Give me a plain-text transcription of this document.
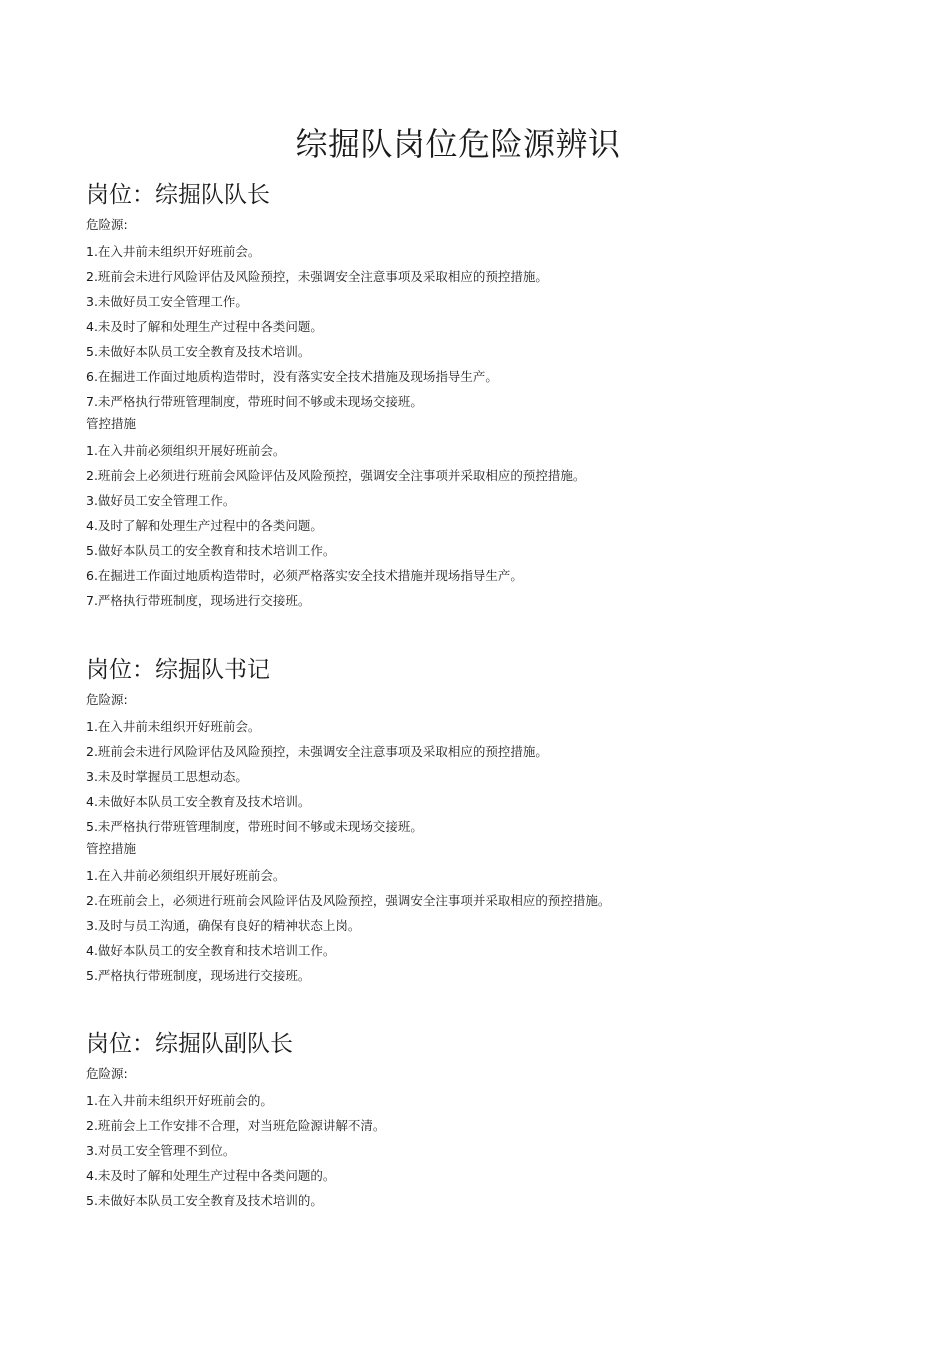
综掘队岗位危险源辨识
岗位：综掘队队长
危险源:
1.在入井前未组织开好班前会。
2.班前会未进行风险评估及风险预控，未强调安全注意事项及采取相应的预控措施。
3.未做好员工安全管理工作。
4.未及时了解和处理生产过程中各类问题。
5.未做好本队员工安全教育及技术培训。
6.在掘进工作面过地质构造带时，没有落实安全技术措施及现场指导生产。
7.未严格执行带班管理制度，带班时间不够或未现场交接班。
管控措施
1.在入井前必须组织开展好班前会。
2.班前会上必须进行班前会风险评估及风险预控，强调安全注事项并采取相应的预控措施。
3.做好员工安全管理工作。
4.及时了解和处理生产过程中的各类问题。
5.做好本队员工的安全教育和技术培训工作。
6.在掘进工作面过地质构造带时，必须严格落实安全技术措施并现场指导生产。
7.严格执行带班制度，现场进行交接班。
岗位：综掘队书记
危险源:
1.在入井前未组织开好班前会。
2.班前会未进行风险评估及风险预控，未强调安全注意事项及采取相应的预控措施。
3.未及时掌握员工思想动态。
4.未做好本队员工安全教育及技术培训。
5.未严格执行带班管理制度，带班时间不够或未现场交接班。
管控措施
1.在入井前必须组织开展好班前会。
2.在班前会上，必须进行班前会风险评估及风险预控，强调安全注事项并采取相应的预控措施。
3.及时与员工沟通，确保有良好的精神状态上岗。
4.做好本队员工的安全教育和技术培训工作。
5.严格执行带班制度，现场进行交接班。
岗位：综掘队副队长
危险源:
1.在入井前未组织开好班前会的。
2.班前会上工作安排不合理，对当班危险源讲解不清。
3.对员工安全管理不到位。
4.未及时了解和处理生产过程中各类问题的。
5.未做好本队员工安全教育及技术培训的。
